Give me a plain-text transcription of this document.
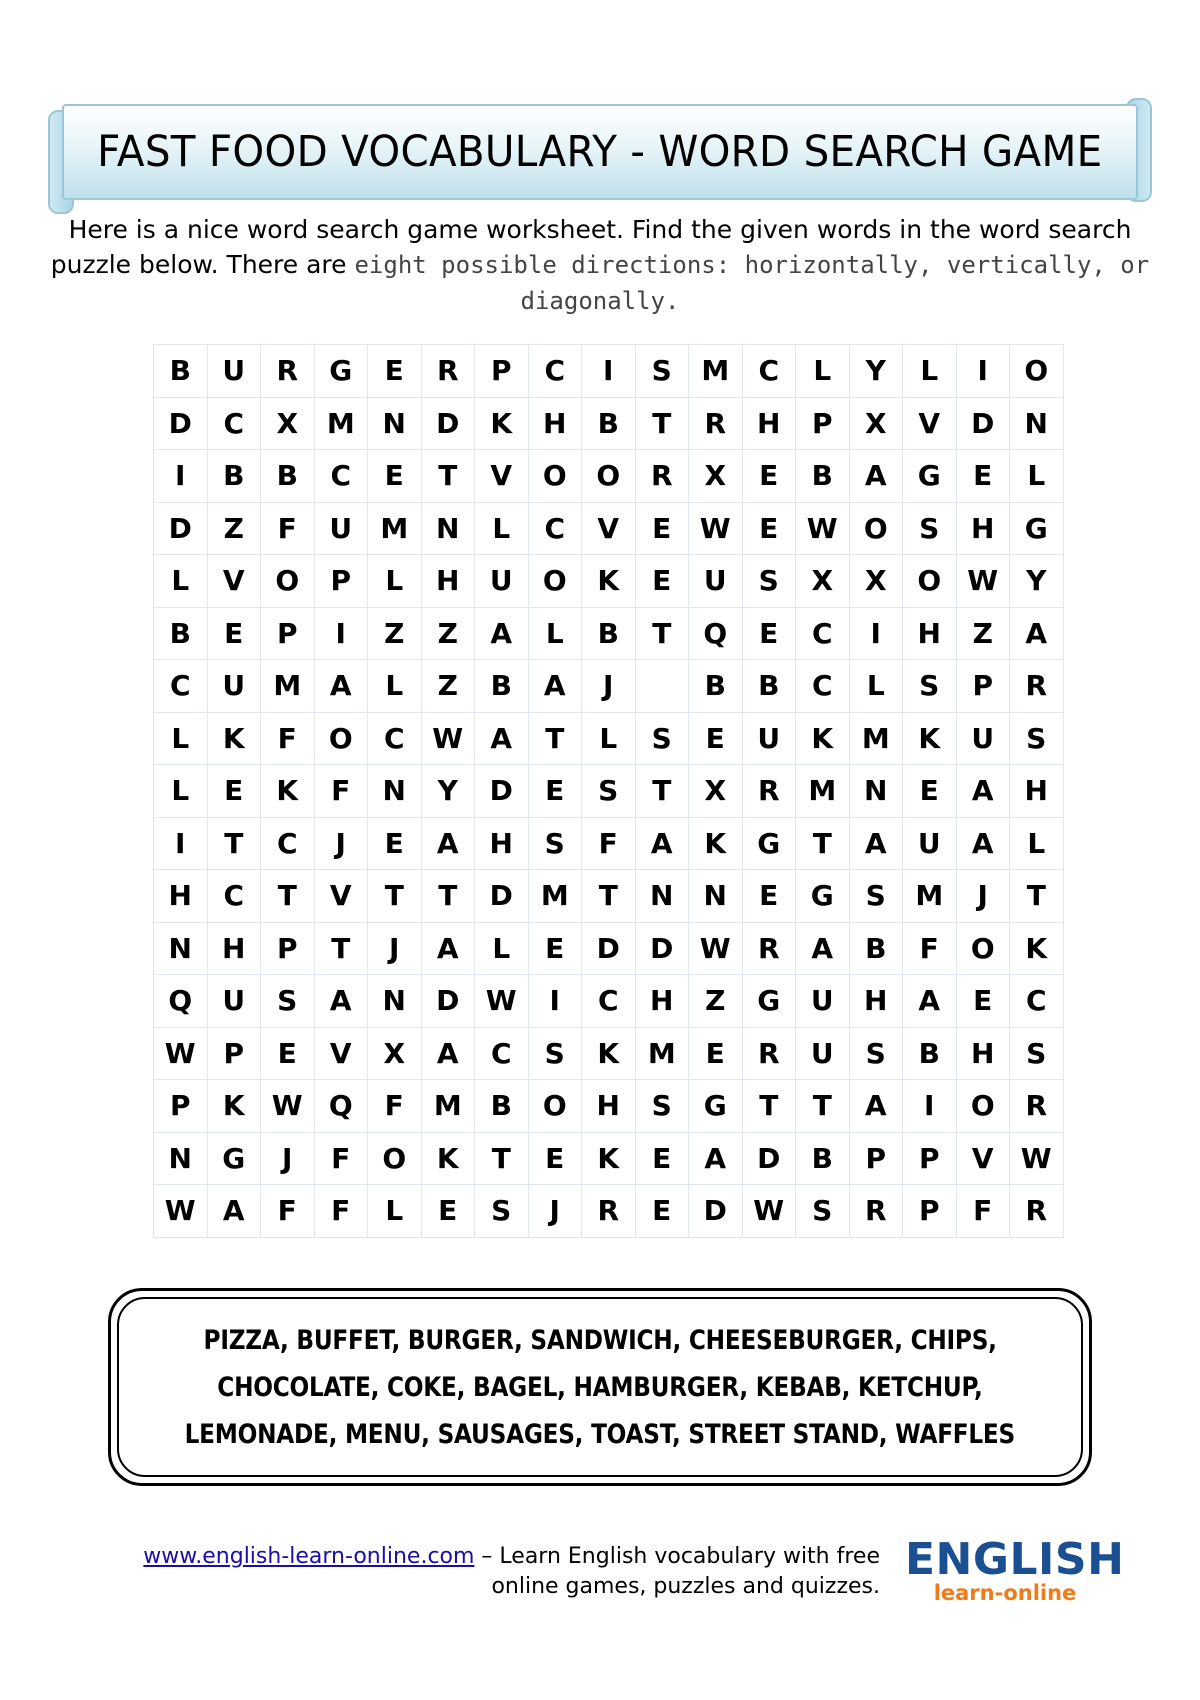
FAST FOOD VOCABULARY - WORD SEARCH GAME
Here is a nice word search game worksheet. Find the given words in the word search
puzzle below. There are eight possible directions: horizontally, vertically, or diagonally.
B	U	R	G	E	R	P	C	I	S	M	C	L	Y	L	I	O
D	C	X	M	N	D	K	H	B	T	R	H	P	X	V	D	N
I	B	B	C	E	T	V	O	O	R	X	E	B	A	G	E	L
D	Z	F	U	M	N	L	C	V	E	W	E	W	O	S	H	G
L	V	O	P	L	H	U	O	K	E	U	S	X	X	O	W	Y
B	E	P	I	Z	Z	A	L	B	T	Q	E	C	I	H	Z	A
C	U	M	A	L	Z	B	A	J		B	B	C	L	S	P	R
L	K	F	O	C	W	A	T	L	S	E	U	K	M	K	U	S
L	E	K	F	N	Y	D	E	S	T	X	R	M	N	E	A	H
I	T	C	J	E	A	H	S	F	A	K	G	T	A	U	A	L
H	C	T	V	T	T	D	M	T	N	N	E	G	S	M	J	T
N	H	P	T	J	A	L	E	D	D	W	R	A	B	F	O	K
Q	U	S	A	N	D	W	I	C	H	Z	G	U	H	A	E	C
W	P	E	V	X	A	C	S	K	M	E	R	U	S	B	H	S
P	K	W	Q	F	M	B	O	H	S	G	T	T	A	I	O	R
N	G	J	F	O	K	T	E	K	E	A	D	B	P	P	V	W
W	A	F	F	L	E	S	J	R	E	D	W	S	R	P	F	R
PIZZA, BUFFET, BURGER, SANDWICH, CHEESEBURGER, CHIPS,
CHOCOLATE, COKE, BAGEL, HAMBURGER, KEBAB, KETCHUP,
LEMONADE, MENU, SAUSAGES, TOAST, STREET STAND, WAFFLES
www.english-learn-online.com – Learn English vocabulary with free
online games, puzzles and quizzes.
ENGLISH
learn-online
